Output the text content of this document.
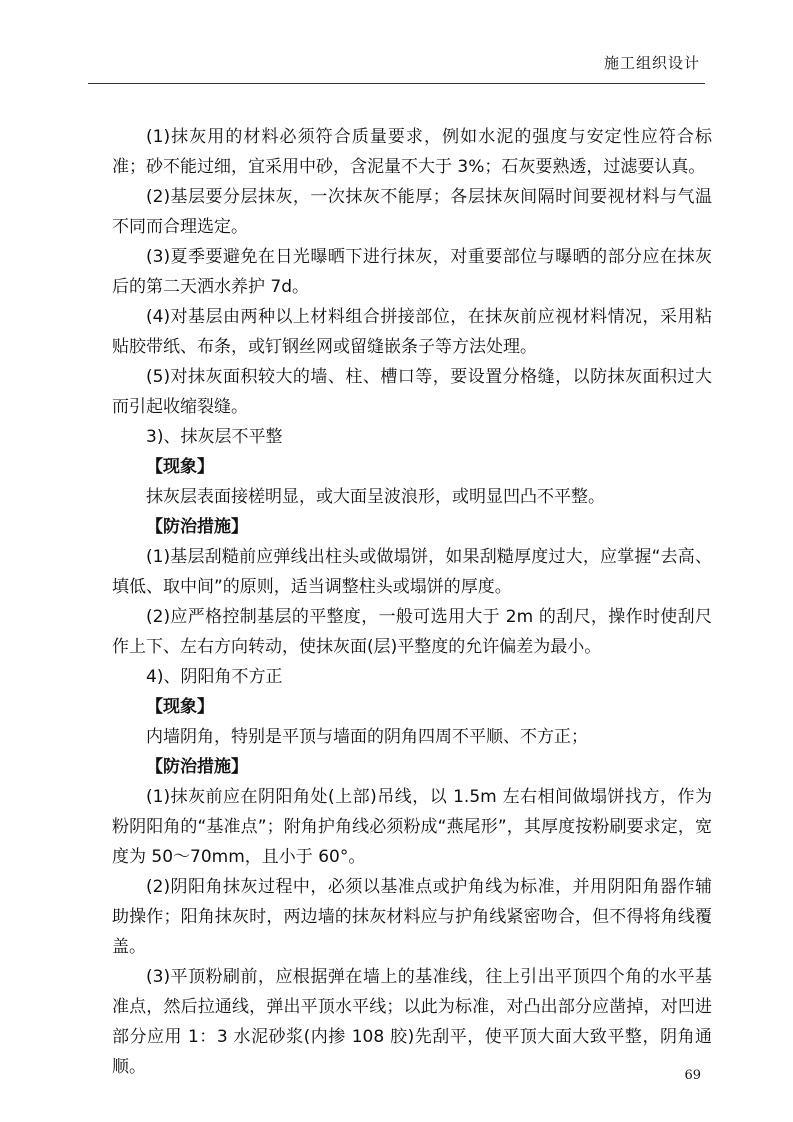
施工组织设计

(1)抹灰用的材料必须符合质量要求，例如水泥的强度与安定性应符合标准；砂不能过细，宜采用中砂，含泥量不大于 3%；石灰要熟透，过滤要认真。

(2)基层要分层抹灰，一次抹灰不能厚；各层抹灰间隔时间要视材料与气温不同而合理选定。

(3)夏季要避免在日光曝晒下进行抹灰，对重要部位与曝晒的部分应在抹灰后的第二天洒水养护 7d。

(4)对基层由两种以上材料组合拼接部位，在抹灰前应视材料情况，采用粘贴胶带纸、布条，或钉钢丝网或留缝嵌条子等方法处理。

(5)对抹灰面积较大的墙、柱、槽口等，要设置分格缝，以防抹灰面积过大而引起收缩裂缝。

3)、抹灰层不平整

【现象】

抹灰层表面接槎明显，或大面呈波浪形，或明显凹凸不平整。

【防治措施】

(1)基层刮糙前应弹线出柱头或做塌饼，如果刮糙厚度过大，应掌握“去高、填低、取中间”的原则，适当调整柱头或塌饼的厚度。

(2)应严格控制基层的平整度，一般可选用大于 2m 的刮尺，操作时使刮尺作上下、左右方向转动，使抹灰面(层)平整度的允许偏差为最小。

4)、阴阳角不方正

【现象】

内墙阴角，特别是平顶与墙面的阴角四周不平顺、不方正；

【防治措施】

(1)抹灰前应在阴阳角处(上部)吊线，以 1.5m 左右相间做塌饼找方，作为粉阴阳角的“基准点”；附角护角线必须粉成“燕尾形”，其厚度按粉刷要求定，宽度为 50～70mm，且小于 60°。

(2)阴阳角抹灰过程中，必须以基准点或护角线为标准，并用阴阳角器作辅助操作；阳角抹灰时，两边墙的抹灰材料应与护角线紧密吻合，但不得将角线覆盖。

(3)平顶粉刷前，应根据弹在墙上的基准线，往上引出平顶四个角的水平基准点，然后拉通线，弹出平顶水平线；以此为标准，对凸出部分应凿掉，对凹进部分应用 1：3 水泥砂浆(内掺 108 胶)先刮平，使平顶大面大致平整，阴角通顺。	69
